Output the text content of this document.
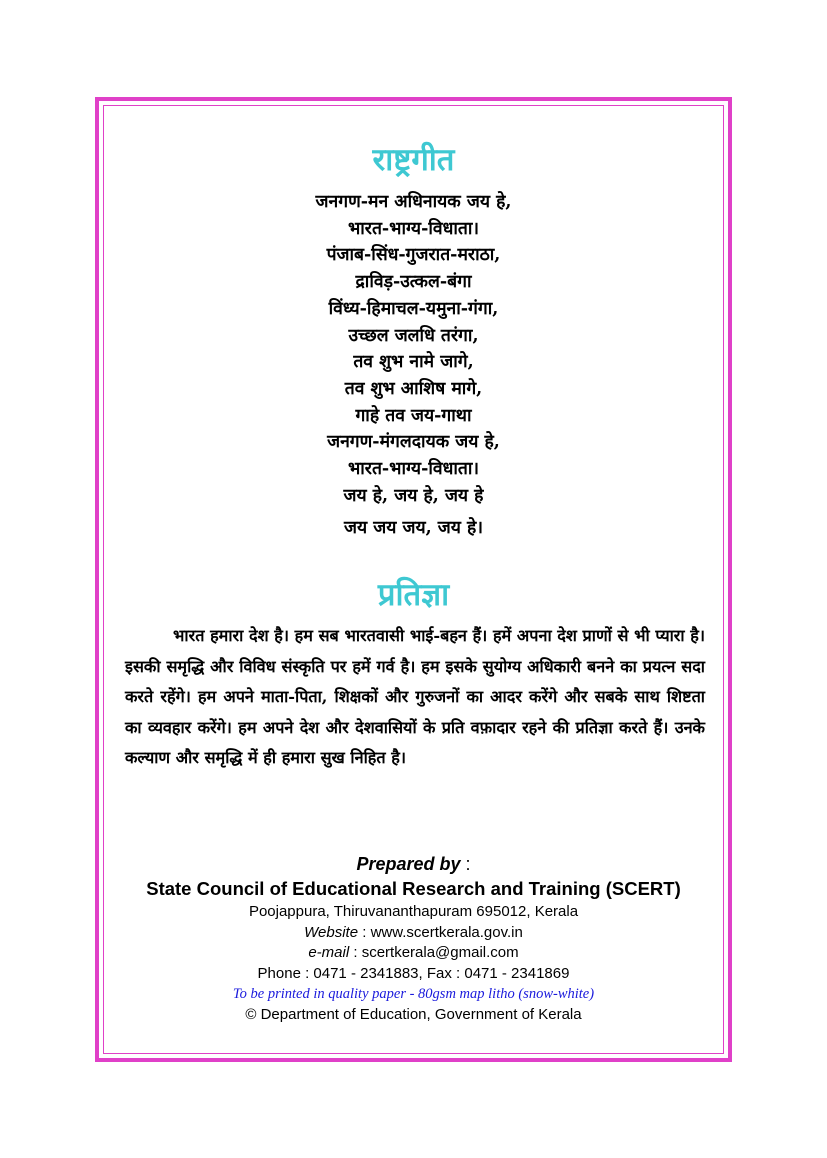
राष्ट्रगीत
जनगण-मन अधिनायक जय हे,
भारत-भाग्य-विधाता।
पंजाब-सिंध-गुजरात-मराठा,
द्राविड़-उत्कल-बंगा
विंध्य-हिमाचल-यमुना-गंगा,
उच्छल जलधि तरंगा,
तव शुभ नामे जागे,
तव शुभ आशिष मागे,
गाहे तव जय-गाथा
जनगण-मंगलदायक जय हे,
भारत-भाग्य-विधाता।
जय हे, जय हे, जय हे
जय जय जय, जय हे।
प्रतिज्ञा

भारत हमारा देश है। हम सब भारतवासी भाई-बहन हैं। हमें अपना देश प्राणों से भी प्यारा है। इसकी समृद्धि और विविध संस्कृति पर हमें गर्व है। हम इसके सुयोग्य अधिकारी बनने का प्रयत्न सदा करते रहेंगे। हम अपने माता-पिता, शिक्षकों और गुरुजनों का आदर करेंगे और सबके साथ शिष्टता का व्यवहार करेंगे। हम अपने देश और देशवासियों के प्रति वफ़ादार रहने की प्रतिज्ञा करते हैं। उनके कल्याण और समृद्धि में ही हमारा सुख निहित है।

Prepared by :
State Council of Educational Research and Training (SCERT)
Poojappura, Thiruvananthapuram 695012, Kerala
Website : www.scertkerala.gov.in
e-mail : scertkerala@gmail.com
Phone : 0471 - 2341883, Fax : 0471 - 2341869
To be printed in quality paper - 80gsm map litho (snow-white)
© Department of Education, Government of Kerala
